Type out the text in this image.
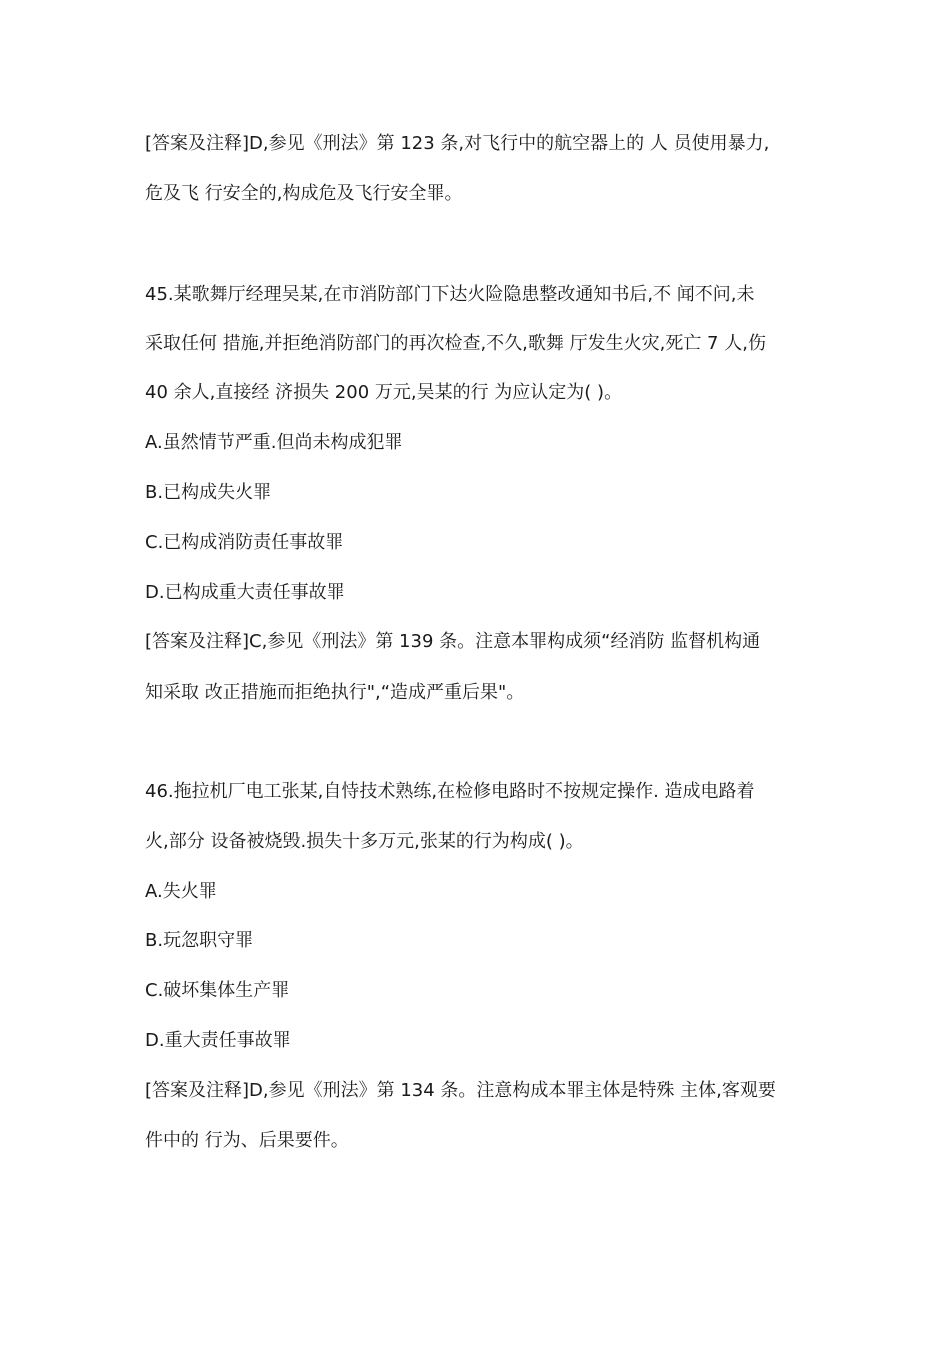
[答案及注释]D,参见《刑法》第 123 条,对飞行中的航空器上的 人 员使用暴力,
危及飞 行安全的,构成危及飞行安全罪。
45.某歌舞厅经理吴某,在市消防部门下达火险隐患整改通知书后,不 闻不问,未
采取任何 措施,并拒绝消防部门的再次检查,不久,歌舞 厅发生火灾,死亡 7 人,伤
40 余人,直接经 济损失 200 万元,吴某的行 为应认定为( )。
A.虽然情节严重.但尚未构成犯罪
B.已构成失火罪
C.已构成消防责任事故罪
D.已构成重大责任事故罪
[答案及注释]C,参见《刑法》第 139 条。注意本罪构成须“经消防 监督机构通
知采取 改正措施而拒绝执行",“造成严重后果"。
46.拖拉机厂电工张某,自恃技术熟练,在检修电路时不按规定操作. 造成电路着
火,部分 设备被烧毁.损失十多万元,张某的行为构成( )。
A.失火罪
B.玩忽职守罪
C.破坏集体生产罪
D.重大责任事故罪
[答案及注释]D,参见《刑法》第 134 条。注意构成本罪主体是特殊 主体,客观要
件中的 行为、后果要件。
